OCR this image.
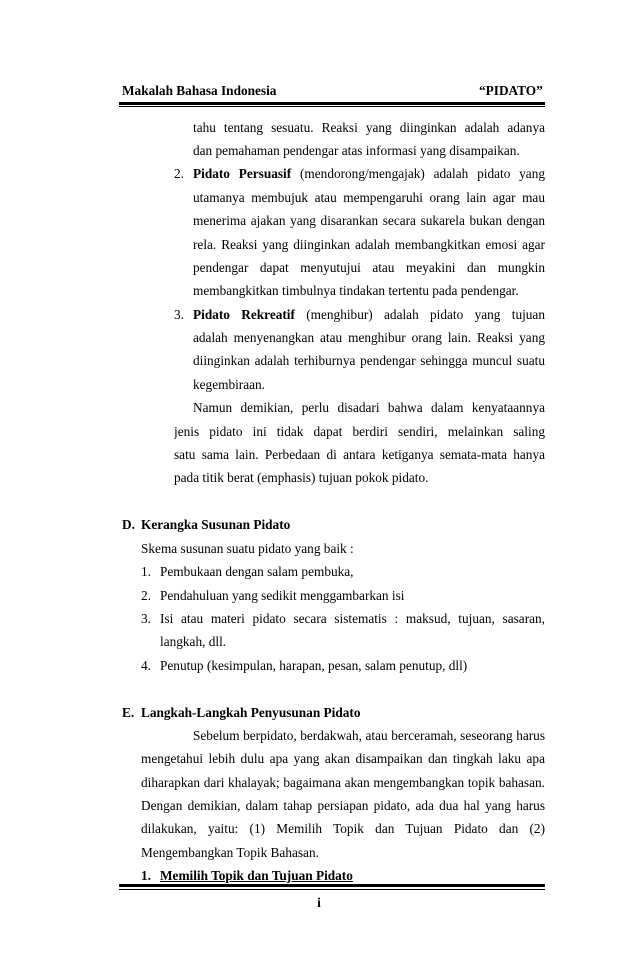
Makalah Bahasa Indonesia	“PIDATO”
tahu tentang sesuatu. Reaksi yang diinginkan adalah adanya
dan pemahaman pendengar atas informasi yang disampaikan.
2. Pidato Persuasif (mendorong/mengajak) adalah pidato yang
utamanya membujuk atau mempengaruhi orang lain agar mau
menerima ajakan yang disarankan secara sukarela bukan dengan
rela. Reaksi yang diinginkan adalah membangkitkan emosi agar
pendengar dapat menyutujui atau meyakini dan mungkin
membangkitkan timbulnya tindakan tertentu pada pendengar.
3. Pidato Rekreatif (menghibur) adalah pidato yang tujuan
adalah menyenangkan atau menghibur orang lain. Reaksi yang
diinginkan adalah terhiburnya pendengar sehingga muncul suatu
kegembiraan.
Namun demikian, perlu disadari bahwa dalam kenyataannya
jenis pidato ini tidak dapat berdiri sendiri, melainkan saling
satu sama lain. Perbedaan di antara ketiganya semata-mata hanya
pada titik berat (emphasis) tujuan pokok pidato.
D. Kerangka Susunan Pidato
Skema susunan suatu pidato yang baik :
1. Pembukaan dengan salam pembuka,
2. Pendahuluan yang sedikit menggambarkan isi
3. Isi atau materi pidato secara sistematis : maksud, tujuan, sasaran,
langkah, dll.
4. Penutup (kesimpulan, harapan, pesan, salam penutup, dll)
E. Langkah-Langkah Penyusunan Pidato
Sebelum berpidato, berdakwah, atau berceramah, seseorang harus
mengetahui lebih dulu apa yang akan disampaikan dan tingkah laku apa
diharapkan dari khalayak; bagaimana akan mengembangkan topik bahasan.
Dengan demikian, dalam tahap persiapan pidato, ada dua hal yang harus
dilakukan, yaitu: (1) Memilih Topik dan Tujuan Pidato dan (2)
Mengembangkan Topik Bahasan.
1. Memilih Topik dan Tujuan Pidato
i
